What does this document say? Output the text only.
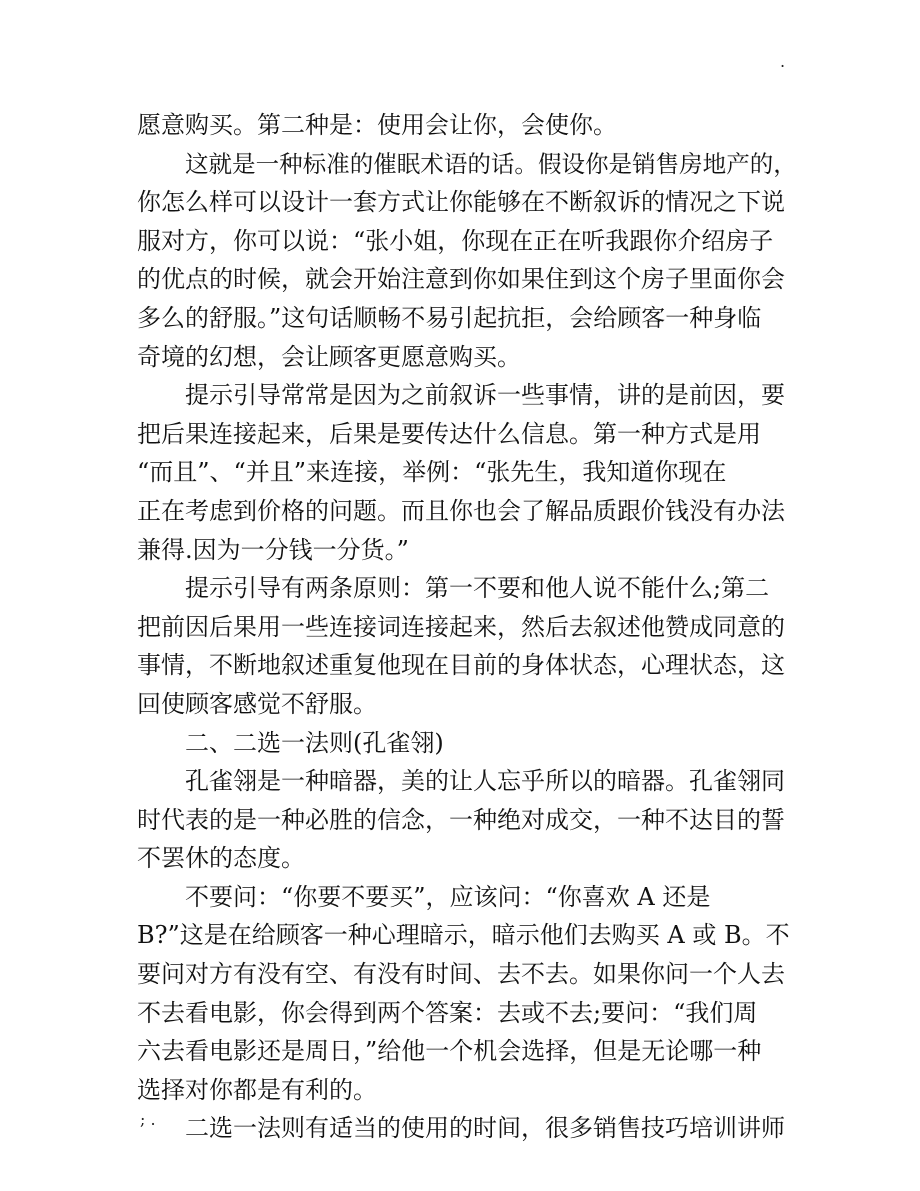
.
愿意购买。第二种是：使用会让你，会使你。
这就是一种标准的催眠术语的话。假设你是销售房地产的，
你怎么样可以设计一套方式让你能够在不断叙诉的情况之下说
服对方，你可以说：“张小姐，你现在正在听我跟你介绍房子
的优点的时候，就会开始注意到你如果住到这个房子里面你会
多么的舒服。”这句话顺畅不易引起抗拒，会给顾客一种身临
奇境的幻想，会让顾客更愿意购买。
提示引导常常是因为之前叙诉一些事情，讲的是前因，要
把后果连接起来，后果是要传达什么信息。第一种方式是用
“而且”、“并且”来连接，举例：“张先生，我知道你现在
正在考虑到价格的问题。而且你也会了解品质跟价钱没有办法
兼得.因为一分钱一分货。”
提示引导有两条原则：第一不要和他人说不能什么;第二
把前因后果用一些连接词连接起来，然后去叙述他赞成同意的
事情，不断地叙述重复他现在目前的身体状态，心理状态，这
回使顾客感觉不舒服。
二、二选一法则(孔雀翎)
孔雀翎是一种暗器，美的让人忘乎所以的暗器。孔雀翎同
时代表的是一种必胜的信念，一种绝对成交，一种不达目的誓
不罢休的态度。
不要问：“你要不要买”，应该问：“你喜欢 A 还是
B?”这是在给顾客一种心理暗示，暗示他们去购买 A 或 B。不
要问对方有没有空、有没有时间、去不去。如果你问一个人去
不去看电影，你会得到两个答案：去或不去;要问：“我们周
六去看电影还是周日，”给他一个机会选择，但是无论哪一种
选择对你都是有利的。
二选一法则有适当的使用的时间，很多销售技巧培训讲师
; .
